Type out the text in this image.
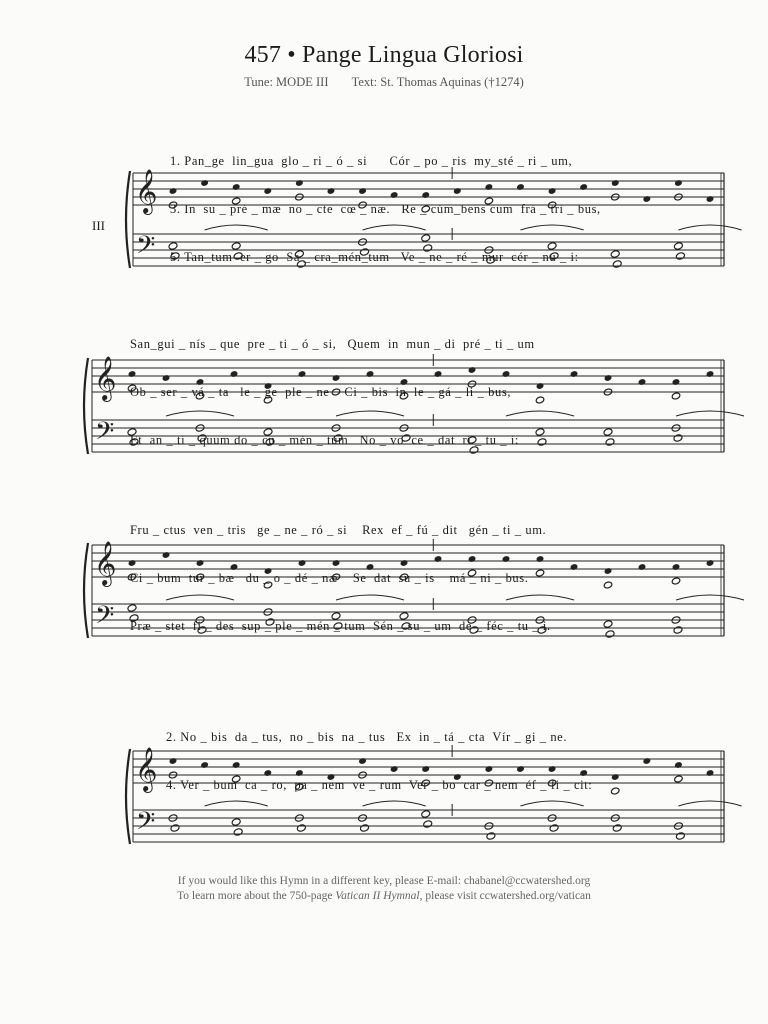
457 • Pange Lingua Gloriosi
Tune: MODE III Text: St. Thomas Aquinas (†1274)
III

1. Pan_ge  lin_gua  glo _ ri _ ó _ si      Cór _ po _ ris  my_sté _ ri _ um,

3. In  su _ pré _ mæ  no _ cte  cœ _ næ.   Re _ cúm_bens cum  frá _ tri _ bus,

5. Tan_tum  er _ go  Sa _ cra_mén_tum   Ve _ ne _ ré _ mur  cér _ nu _ i:

𝄞
𝄢
𝄞
𝄢
𝄞
𝄢
𝄞
𝄢

San_gui _ nís _ que  pre _ ti _ ó _ si,   Quem  in  mun _ di  pré _ ti _ um

Ob _ ser _ vá _ ta   le _ ge  ple _ ne    Ci _ bis  in  le _ gá _ li _ bus,

Et  an _ ti _ quum do _ cu _ mén _ tum   No _ vo  ce _ dat  rí _ tu _ i:

Fru _ ctus  ven _ tris   ge _ ne _ ró _ si    Rex  ef _ fú _ dit   gén _ ti _ um.

Ci _ bum  tur _ bæ   du _ o _ dé _ næ    Se  dat  su _ is    má _ ni _ bus.

Præ _ stet  fi _ des  sup _ ple _ mén _ tum  Sén _ su _ um  de _ féc _ tu _ i.

2. No _ bis  da _ tus,  no _ bis  na _ tus   Ex  in _ tá _ cta  Vír _ gi _ ne.

4. Ver _ bum  ca _ ro,  pa _ nem  ve _ rum  Ver _ bo  car _ nem  éf _ fi _ cit:

If you would like this Hymn in a different key, please E-mail: chabanel@ccwatershed.org
To learn more about the 750-page Vatican II Hymnal, please visit ccwatershed.org/vatican
